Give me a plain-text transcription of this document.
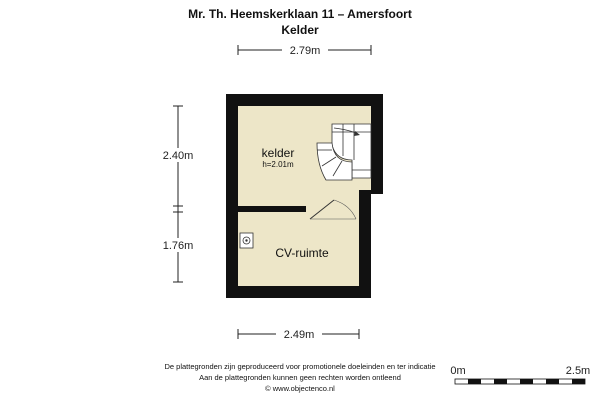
Mr. Th. Heemskerklaan 11 – Amersfoort
Kelder
kelder
h=2.01m
CV-ruimte
2.79m
2.49m
2.40m
1.76m
0m	2.5m
De plattegronden zijn geproduceerd voor promotionele doeleinden en ter indicatie
Aan de plattegronden kunnen geen rechten worden ontleend
© www.objectenco.nl
